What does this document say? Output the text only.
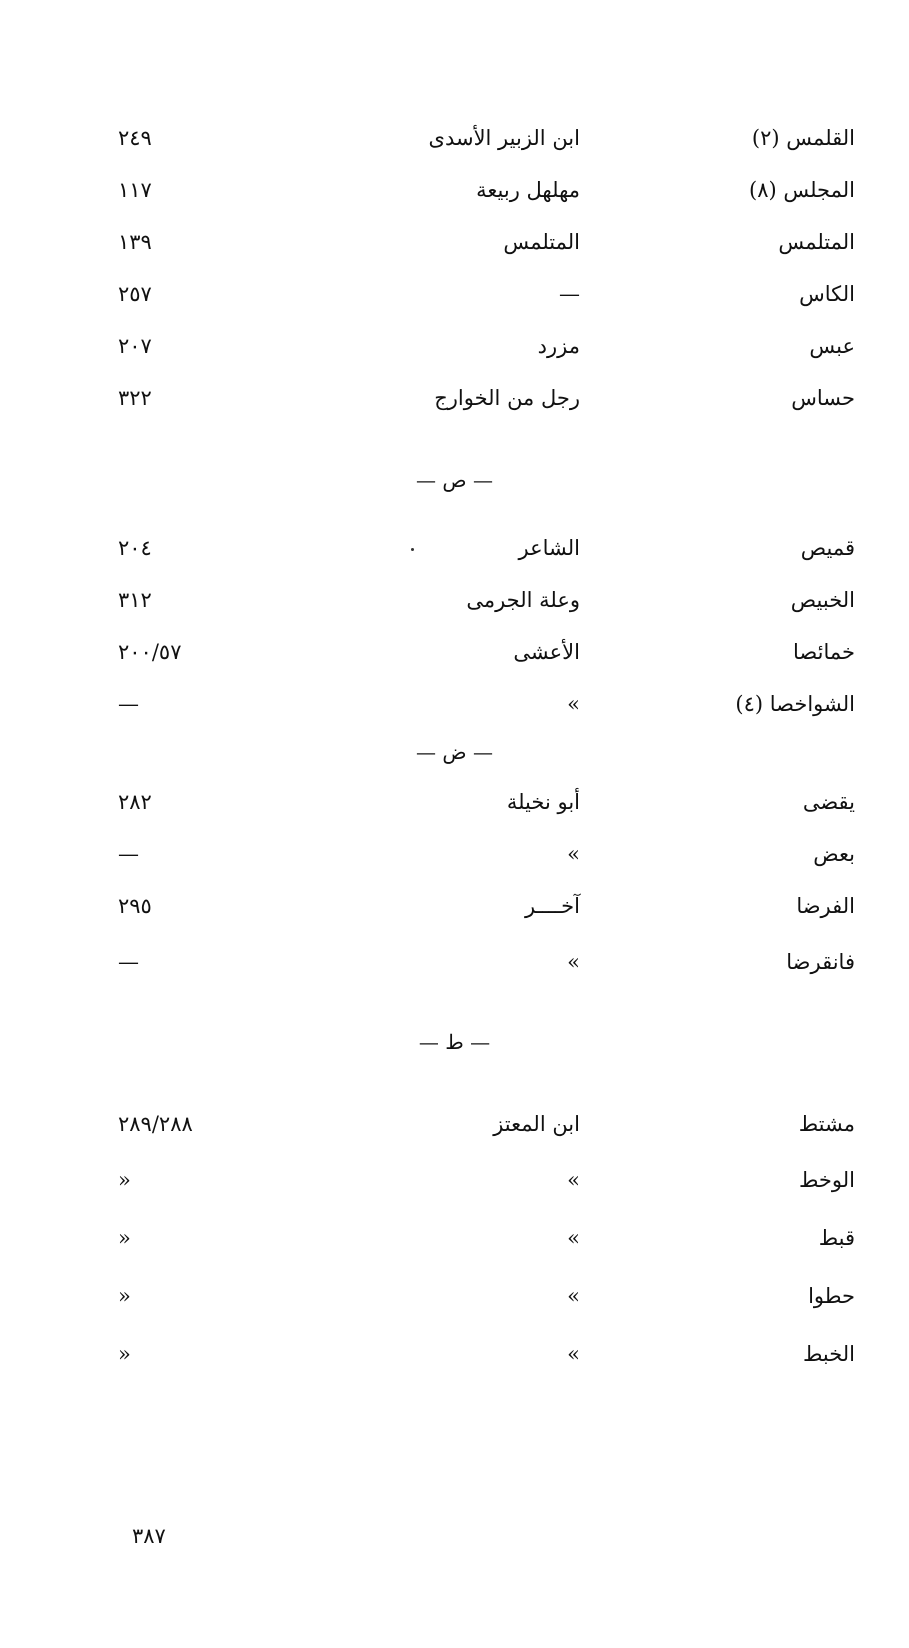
القلمس (٢)
ابن الزبير الأسدى
٢٤٩
المجلس (٨)
مهلهل ربيعة
١١٧
المتلمس
المتلمس
١٣٩
الكاس
—
٢٥٧
عبس
مزرد
٢٠٧
حساس
رجل من الخوارج
٣٢٢
— ص —
قميص
الشاعر
٢٠٤
الخبيص
وعلة الجرمى
٣١٢
خمائصا
الأعشى
٢٠٠/٥٧
الشواخصا (٤)
»
—
— ض —
يقضى
أبو نخيلة
٢٨٢
بعض
»
—
الفرضا
آخــــر
٢٩٥
فانقرضا
»
—
— ط —
مشتط
ابن المعتز
٢٨٩/٢٨٨
الوخط
»
»
قبط
»
»
حطوا
»
»
الخبط
»
»
٣٨٧
